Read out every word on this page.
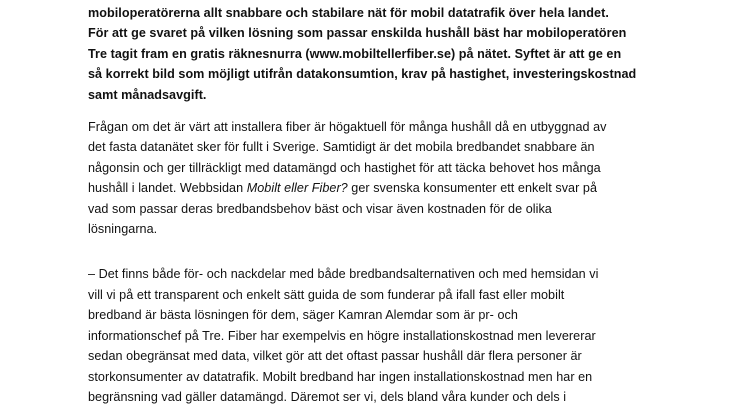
mobiloperatörerna allt snabbare och stabilare nät för mobil datatrafik över hela landet.
För att ge svaret på vilken lösning som passar enskilda hushåll bäst har mobiloperatören
Tre tagit fram en gratis räknesnurra (www.mobiltellerfiber.se) på nätet. Syftet är att ge en
så korrekt bild som möjligt utifrån datakonsumtion, krav på hastighet, investeringskostnad
samt månadsavgift.

Frågan om det är värt att installera fiber är högaktuell för många hushåll då en utbyggnad av
det fasta datanätet sker för fullt i Sverige. Samtidigt är det mobila bredbandet snabbare än
någonsin och ger tillräckligt med datamängd och hastighet för att täcka behovet hos många
hushåll i landet. Webbsidan Mobilt eller Fiber? ger svenska konsumenter ett enkelt svar på
vad som passar deras bredbandsbehov bäst och visar även kostnaden för de olika
lösningarna.

– Det finns både för- och nackdelar med både bredbandsalternativen och med hemsidan vi
vill vi på ett transparent och enkelt sätt guida de som funderar på ifall fast eller mobilt
bredband är bästa lösningen för dem, säger Kamran Alemdar som är pr- och
informationschef på Tre. Fiber har exempelvis en högre installationskostnad men levererar
sedan obegränsat med data, vilket gör att det oftast passar hushåll där flera personer är
storkonsumenter av datatrafik. Mobilt bredband har ingen installationskostnad men har en
begränsning vad gäller datamängd. Däremot ser vi, dels bland våra kunder och dels i
